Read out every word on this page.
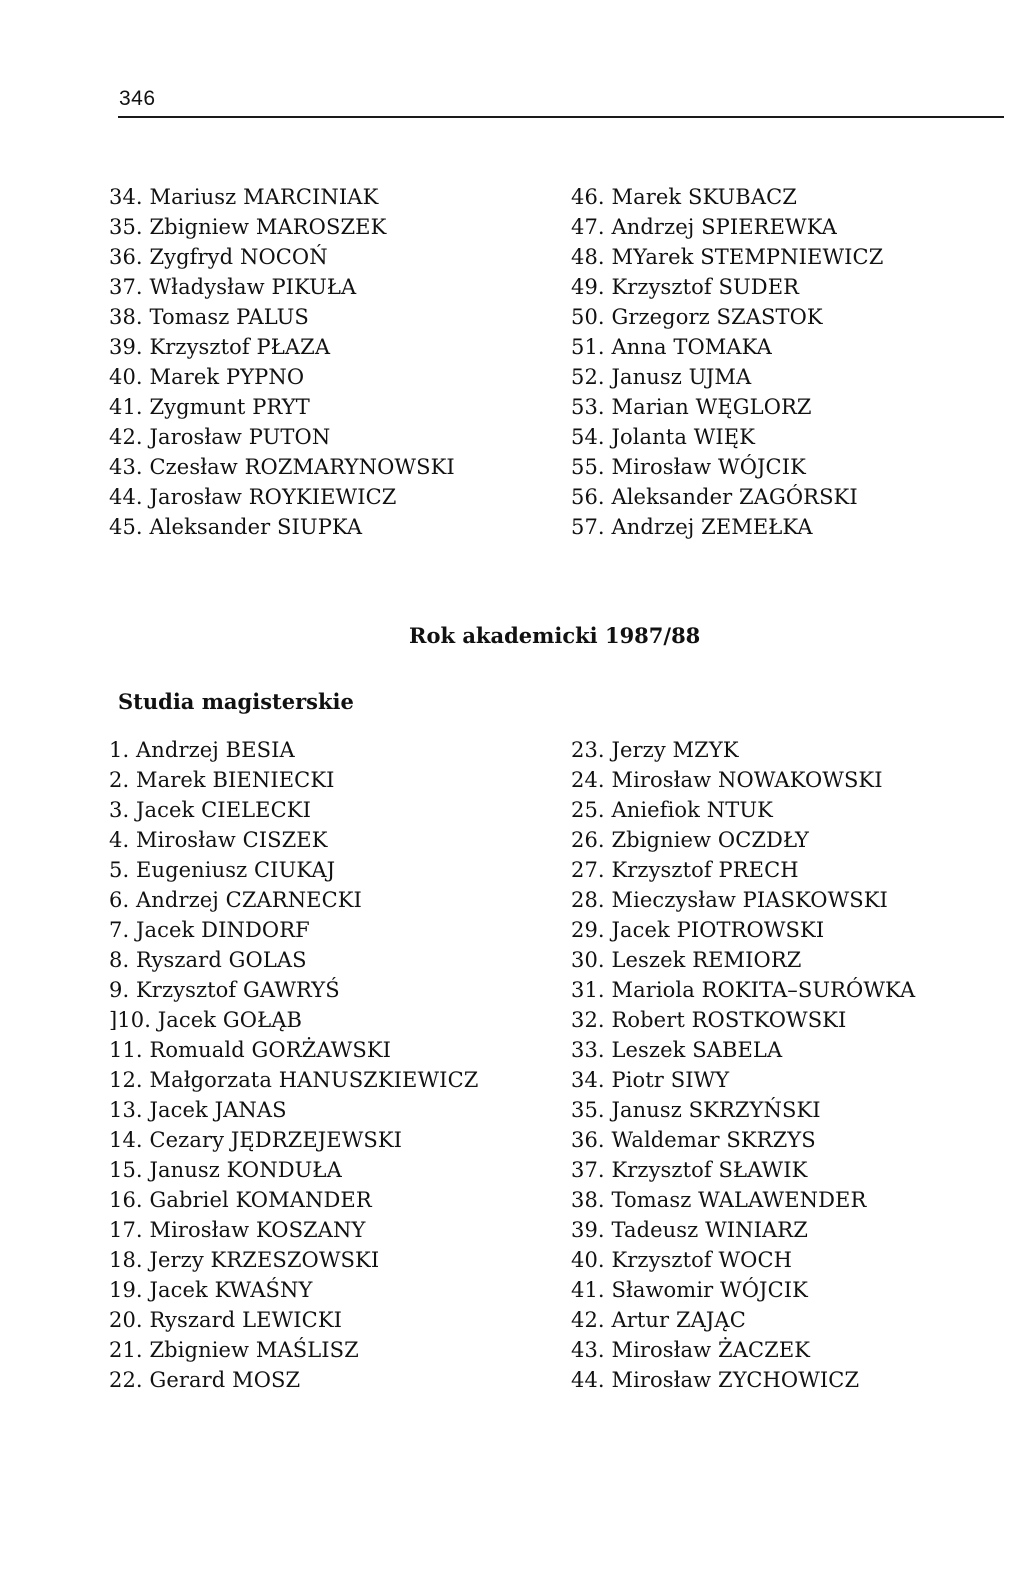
346
34. Mariusz MARCINIAK
35. Zbigniew MAROSZEK
36. Zygfryd NOCOŃ
37. Władysław PIKUŁA
38. Tomasz PALUS
39. Krzysztof PŁAZA
40. Marek PYPNO
41. Zygmunt PRYT
42. Jarosław PUTON
43. Czesław ROZMARYNOWSKI
44. Jarosław ROYKIEWICZ
45. Aleksander SIUPKA
46. Marek SKUBACZ
47. Andrzej SPIEREWKA
48. MYarek STEMPNIEWICZ
49. Krzysztof SUDER
50. Grzegorz SZASTOK
51. Anna TOMAKA
52. Janusz UJMA
53. Marian WĘGLORZ
54. Jolanta WIĘK
55. Mirosław WÓJCIK
56. Aleksander ZAGÓRSKI
57. Andrzej ZEMEŁKA
Rok akademicki 1987/88
Studia magisterskie
1. Andrzej BESIA
2. Marek BIENIECKI
3. Jacek CIELECKI
4. Mirosław CISZEK
5. Eugeniusz CIUKAJ
6. Andrzej CZARNECKI
7. Jacek DINDORF
8. Ryszard GOLAS
9. Krzysztof GAWRYŚ
]10. Jacek GOŁĄB
11. Romuald GORŻAWSKI
12. Małgorzata HANUSZKIEWICZ
13. Jacek JANAS
14. Cezary JĘDRZEJEWSKI
15. Janusz KONDUŁA
16. Gabriel KOMANDER
17. Mirosław KOSZANY
18. Jerzy KRZESZOWSKI
19. Jacek KWAŚNY
20. Ryszard LEWICKI
21. Zbigniew MAŚLISZ
22. Gerard MOSZ
23. Jerzy MZYK
24. Mirosław NOWAKOWSKI
25. Aniefiok NTUK
26. Zbigniew OCZDŁY
27. Krzysztof PRECH
28. Mieczysław PIASKOWSKI
29. Jacek PIOTROWSKI
30. Leszek REMIORZ
31. Mariola ROKITA–SURÓWKA
32. Robert ROSTKOWSKI
33. Leszek SABELA
34. Piotr SIWY
35. Janusz SKRZYŃSKI
36. Waldemar SKRZYS
37. Krzysztof SŁAWIK
38. Tomasz WALAWENDER
39. Tadeusz WINIARZ
40. Krzysztof WOCH
41. Sławomir WÓJCIK
42. Artur ZAJĄC
43. Mirosław ŻACZEK
44. Mirosław ZYCHOWICZ
